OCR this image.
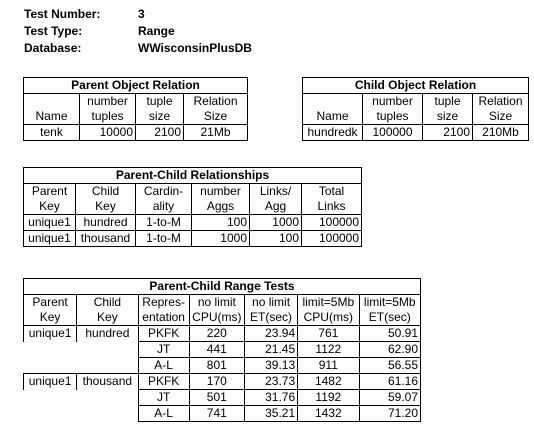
Test Number:	3
Test Type:	Range
Database:	WWisconsinPlusDB
Parent Object Relation			
	number	tuple	Relation
Name	tuples	size	Size
tenk	10000	2100	21Mb
Child Object Relation			
	number	tuple	Relation
Name	tuples	size	Size
hundredk	100000	2100	210Mb
Parent-Child Relationships					
Parent	Child	Cardin-	number	Links/	Total
Key	Key	ality	Aggs	Agg	Links
unique1	hundred	1-to-M	100	1000	100000
unique1	thousand	1-to-M	1000	100	100000
Parent-Child Range Tests						
Parent	Child	Repres-	no limit	no limit	limit=5Mb	limit=5Mb
Key	Key	entation	CPU(ms)	ET(sec)	CPU(ms)	ET(sec)
unique1	hundred	PKFK	220	23.94	761	50.91
		JT	441	21.45	1122	62.90
		A-L	801	39.13	911	56.55
unique1	thousand	PKFK	170	23.73	1482	61.16
		JT	501	31.76	1192	59.07
		A-L	741	35.21	1432	71.20
